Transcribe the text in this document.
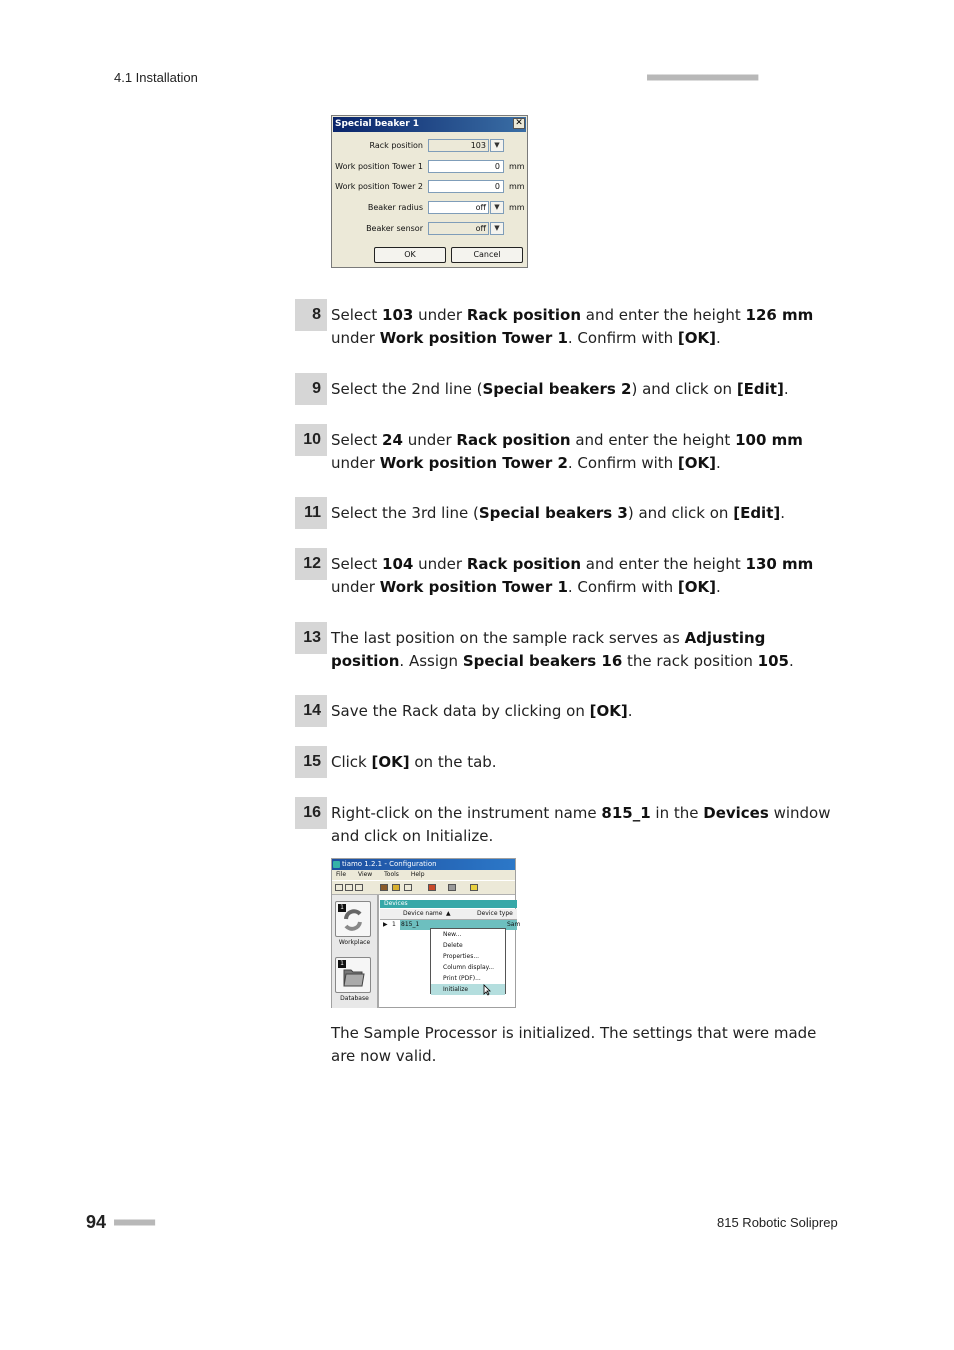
4.1 Installation	■■■■■■■■■■■■■■■■■■■■■■
Special beaker 1	✕
Rack position	103	▼
Work position Tower 1	0	mm
Work position Tower 2	0	mm
Beaker radius	off	▼	mm
Beaker sensor	off	▼
OK	Cancel
8 Select 103 under Rack position and enter the height 126 mm under Work position Tower 1. Confirm with [OK].
9 Select the 2nd line (Special beakers 2) and click on [Edit].
10 Select 24 under Rack position and enter the height 100 mm under Work position Tower 2. Confirm with [OK].
11 Select the 3rd line (Special beakers 3) and click on [Edit].
12 Select 104 under Rack position and enter the height 130 mm under Work position Tower 1. Confirm with [OK].
13 The last position on the sample rack serves as Adjusting position. Assign Special beakers 16 the rack position 105.
14 Save the Rack data by clicking on [OK].
15 Click [OK] on the tab.
16 Right-click on the instrument name 815_1 in the Devices window and click on Initialize.
tiamo 1.2.1 - Configuration
File View Tools Help
1
Workplace
1
Database
Devices
Device name ▲	Device type
▶ 1 815_1	Sam
New...
Delete
Properties...
Column display...
Print (PDF)...
Initialize
The Sample Processor is initialized. The settings that were made are now valid.
94 ■■■■■■■■	815 Robotic Soliprep
